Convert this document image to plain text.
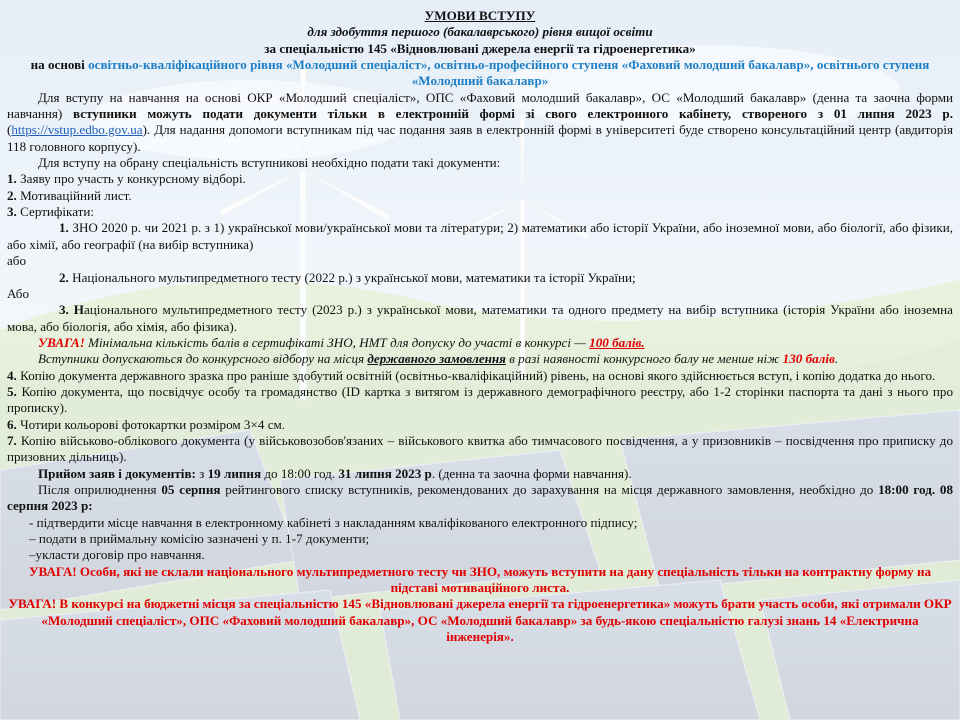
УМОВИ ВСТУПУ

для здобуття першого (бакалаврського) рівня вищої освіти

за спеціальністю 145 «Відновлювані джерела енергії та гідроенергетика»

на основі освітньо-кваліфікаційного рівня «Молодший спеціаліст», освітньо-професійного ступеня «Фаховий молодший бакалавр», освітнього ступеня «Молодший бакалавр»

Для вступу на навчання на основі ОКР «Молодший спеціаліст», ОПС «Фаховий молодший бакалавр», ОС «Молодший бакалавр» (денна та заочна форми навчання) вступники можуть подати документи тільки в електронній формі зі свого електронного кабінету, створеного з 01 липня 2023 р. (https://vstup.edbo.gov.ua). Для надання допомоги вступникам під час подання заяв в електронній формі в університеті буде створено консультаційний центр (авдиторія 118 головного корпусу).

Для вступу на обрану спеціальність вступникові необхідно подати такі документи:

1. Заяву про участь у конкурсному відборі.

2. Мотиваційний лист.

3. Сертифікати:

1. ЗНО 2020 р. чи 2021 р. з 1) української мови/української мови та літератури; 2) математики або історії України, або іноземної мови, або біології, або фізики, або хімії, або географії (на вибір вступника)

або

2. Національного мультипредметного тесту (2022 р.) з української мови, математики та історії України;

Або

3. Національного мультипредметного тесту (2023 р.) з української мови, математики та одного предмету на вибір вступника (історія України або іноземна мова, або біологія, або хімія, або фізика).

УВАГА! Мінімальна кількість балів в сертифікаті ЗНО, НМТ для допуску до участі в конкурсі — 100 балів.

Вступники допускаються до конкурсного відбору на місця державного замовлення в разі наявності конкурсного балу не менше ніж 130 балів.

4. Копію документа державного зразка про раніше здобутий освітній (освітньо-кваліфікаційний) рівень, на основі якого здійснюється вступ, і копію додатка до нього.

5. Копію документа, що посвідчує особу та громадянство (ID картка з витягом із державного демографічного реєстру, або 1-2 сторінки паспорта та дані з нього про прописку).

6. Чотири кольорові фотокартки розміром 3×4 см.

7. Копію військово-облікового документа (у військовозобов'язаних – військового квитка або тимчасового посвідчення, а у призовників – посвідчення про приписку до призовних дільниць).

Прийом заяв і документів: з 19 липня до 18:00 год. 31 липня 2023 р. (денна та заочна форми навчання).

Після оприлюднення 05 серпня рейтингового списку вступників, рекомендованих до зарахування на місця державного замовлення, необхідно до 18:00 год. 08 серпня 2023 р:

- підтвердити місце навчання в електронному кабінеті з накладанням кваліфікованого електронного підпису;

– подати в приймальну комісію зазначені у п. 1-7 документи;

–укласти договір про навчання.

УВАГА! Особи, які не склали національного мультипредметного тесту чи ЗНО, можуть вступити на дану спеціальність тільки на контрактну форму на підставі мотиваційного листа.

УВАГА! В конкурсі на бюджетні місця за спеціальністю 145 «Відновлювані джерела енергії та гідроенергетика» можуть брати участь особи, які отримали ОКР «Молодший спеціаліст», ОПС «Фаховий молодший бакалавр», ОС «Молодший бакалавр» за будь-якою спеціальністю галузі знань 14 «Електрична інженерія».
